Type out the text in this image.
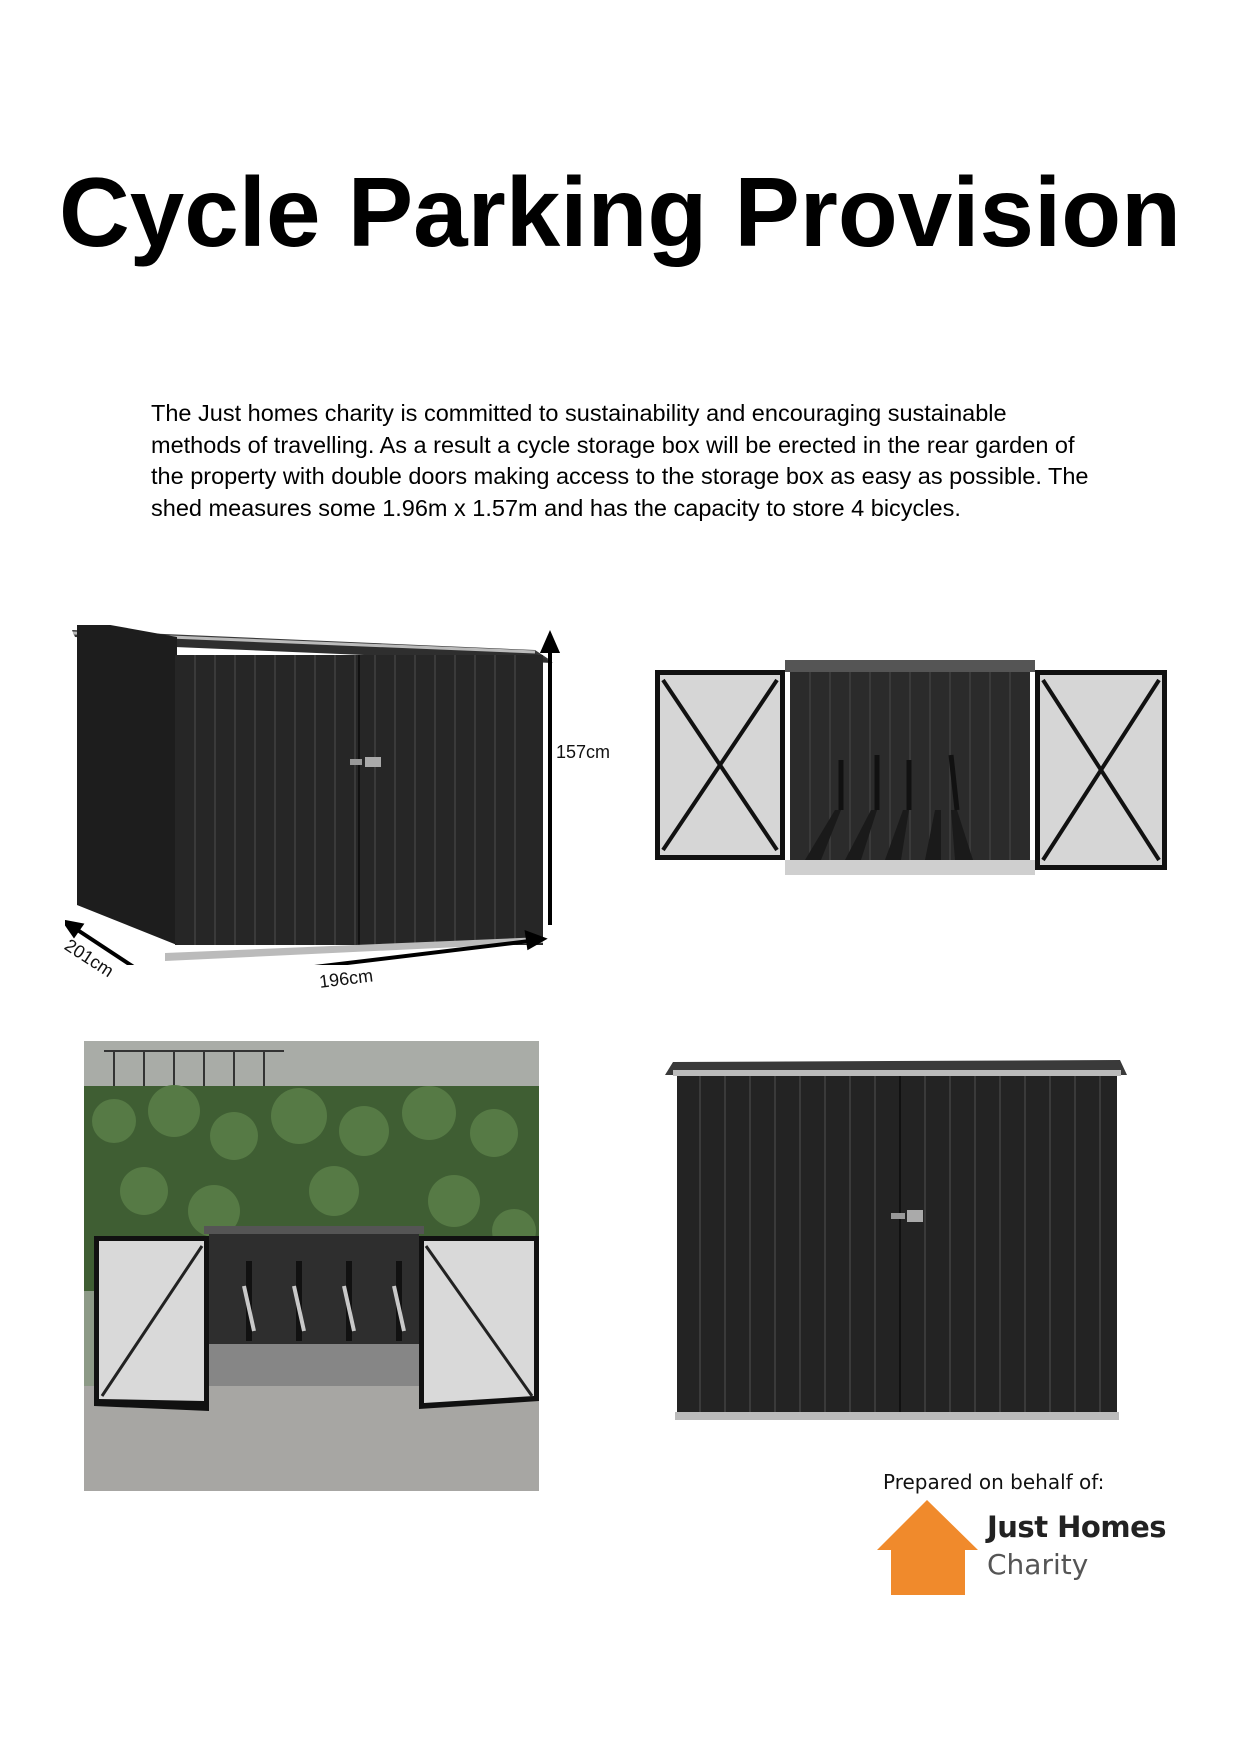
Cycle Parking Provision

The Just homes charity is committed to sustainability and encouraging sustainable methods of travelling. As a result a cycle storage box will be erected in the rear garden of the property with double doors making access to the storage box as easy as possible. The shed measures some 1.96m x 1.57m and has the capacity to store 4 bicycles.

157cm
201cm	196cm
Prepared on behalf of:
Just Homes
Charity
